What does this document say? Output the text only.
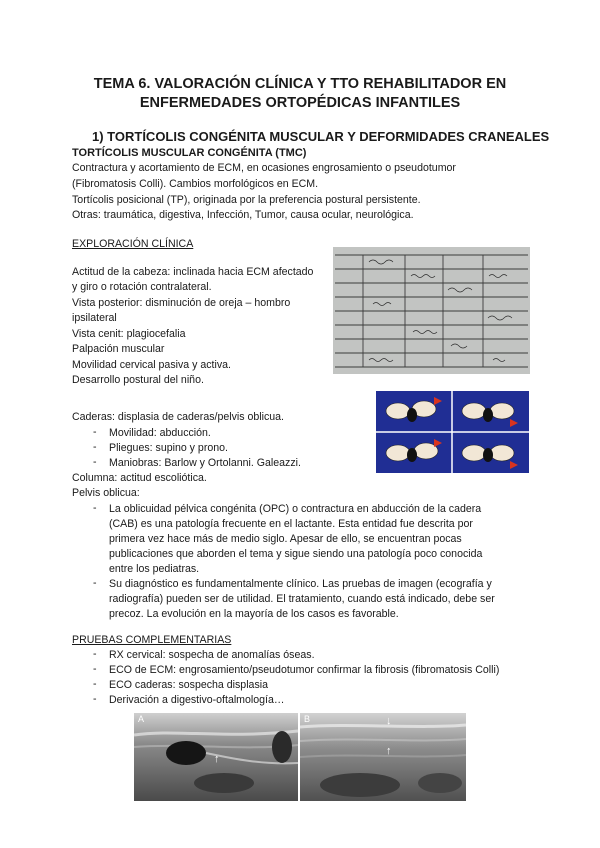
TEMA 6. VALORACIÓN CLÍNICA Y TTO REHABILITADOR EN
ENFERMEDADES ORTOPÉDICAS INFANTILES
1) TORTÍCOLIS CONGÉNITA MUSCULAR Y DEFORMIDADES CRANEALES
TORTÍCOLIS MUSCULAR CONGÉNITA (TMC)
Contractura y acortamiento de ECM, en ocasiones engrosamiento o pseudotumor
(Fibromatosis Colli). Cambios morfológicos en ECM.
Tortícolis posicional (TP), originada por la preferencia postural persistente.
Otras: traumática, digestiva, Infección, Tumor, causa ocular, neurológica.
EXPLORACIÓN CLÍNICA
Actitud de la cabeza: inclinada hacia ECM afectado
y giro o rotación contralateral.
Vista posterior: disminución de oreja – hombro
ipsilateral
Vista cenit: plagiocefalia
Palpación muscular
Movilidad cervical pasiva y activa.
Desarrollo postural del niño.
Caderas: displasia de caderas/pelvis oblicua.
- Movilidad: abducción.
- Pliegues: supino y prono.
- Maniobras: Barlow y Ortolanni. Galeazzi.
Columna: actitud escoliótica.
Pelvis oblicua:
- La oblicuidad pélvica congénita (OPC) o contractura en abducción de la cadera
(CAB) es una patología frecuente en el lactante. Esta entidad fue descrita por
primera vez hace más de medio siglo. Apesar de ello, se encuentran pocas
publicaciones que aborden el tema y sigue siendo una patología poco conocida
entre los pediatras.
- Su diagnóstico es fundamentalmente clínico. Las pruebas de imagen (ecografía y
radiografía) pueden ser de utilidad. El tratamiento, cuando está indicado, debe ser
precoz. La evolución en la mayoría de los casos es favorable.
PRUEBAS COMPLEMENTARIAS
- RX cervical: sospecha de anomalías óseas.
- ECO de ECM: engrosamiento/pseudotumor confirmar la fibrosis (fibromatosis Colli)
- ECO caderas: sospecha displasia
- Derivación a digestivo-oftalmología…
A
↑
B	↓
↑
